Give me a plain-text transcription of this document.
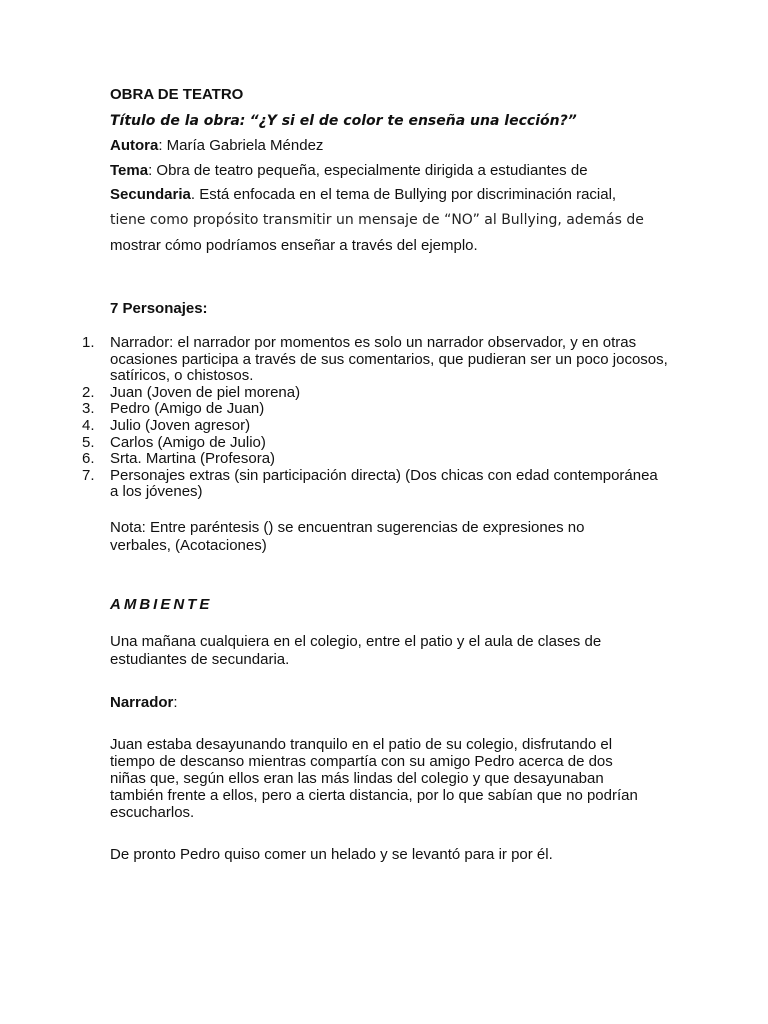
OBRA DE TEATRO

Título de la obra: “¿Y si el de color te enseña una lección?”

Autora: María Gabriela Méndez

Tema: Obra de teatro pequeña, especialmente dirigida a estudiantes de

Secundaria. Está enfocada en el tema de Bullying por discriminación racial,

tiene como propósito transmitir un mensaje de “NO” al Bullying, además de

mostrar cómo podríamos enseñar a través del ejemplo.

7 Personajes:

1. Narrador: el narrador por momentos es solo un narrador observador, y en otras ocasiones participa a través de sus comentarios, que pudieran ser un poco jocosos, satíricos, o chistosos.
2. Juan (Joven de piel morena)
3. Pedro (Amigo de Juan)
4. Julio (Joven agresor)
5. Carlos (Amigo de Julio)
6. Srta. Martina (Profesora)
7. Personajes extras (sin participación directa) (Dos chicas con edad contemporánea a los jóvenes)

Nota: Entre paréntesis () se encuentran sugerencias de expresiones no

verbales, (Acotaciones)

AMBIENTE

Una mañana cualquiera en el colegio, entre el patio y el aula de clases de

estudiantes de secundaria.

Narrador:

Juan estaba desayunando tranquilo en el patio de su colegio, disfrutando el

tiempo de descanso mientras compartía con su amigo Pedro acerca de dos

niñas que, según ellos eran las más lindas del colegio y que desayunaban

también frente a ellos, pero a cierta distancia, por lo que sabían que no podrían

escucharlos.

De pronto Pedro quiso comer un helado y se levantó para ir por él.
